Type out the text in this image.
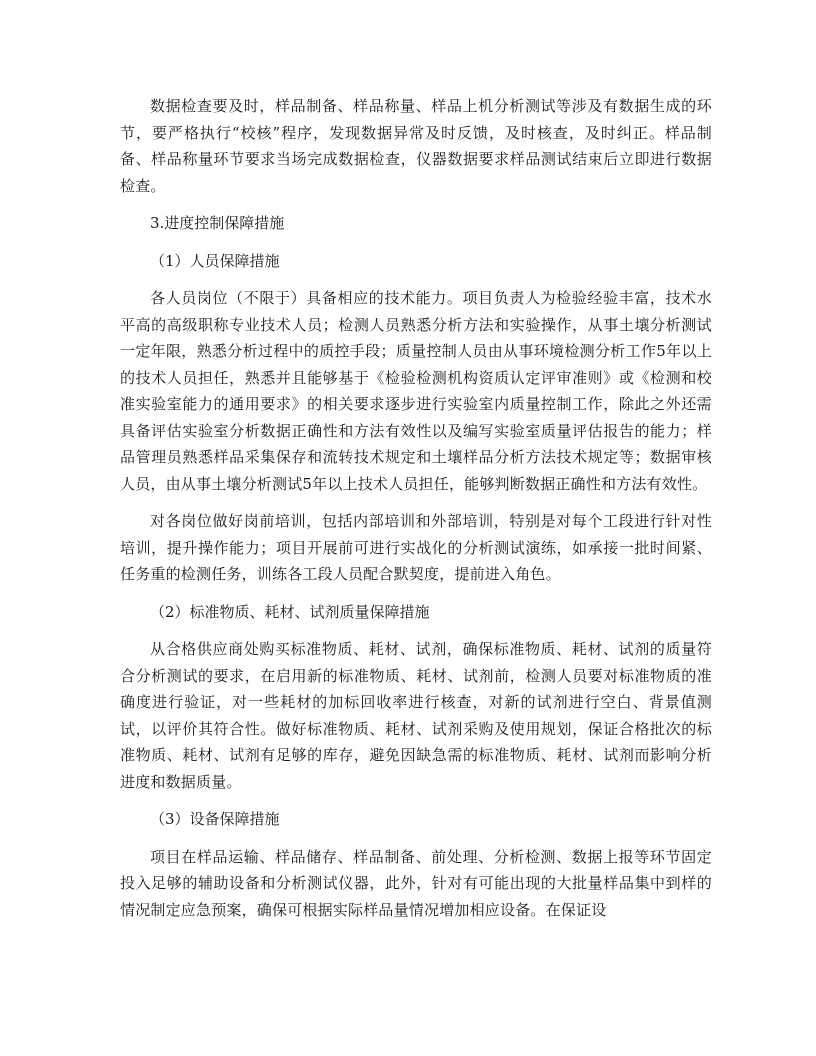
数据检查要及时，样品制备、样品称量、样品上机分析测试等涉及有数据生成的环节，要严格执行“校核”程序，发现数据异常及时反馈，及时核查，及时纠正。样品制备、样品称量环节要求当场完成数据检查，仪器数据要求样品测试结束后立即进行数据检查。

3.进度控制保障措施

（1）人员保障措施

各人员岗位（不限于）具备相应的技术能力。项目负责人为检验经验丰富，技术水平高的高级职称专业技术人员；检测人员熟悉分析方法和实验操作，从事土壤分析测试一定年限，熟悉分析过程中的质控手段；质量控制人员由从事环境检测分析工作5年以上的技术人员担任，熟悉并且能够基于《检验检测机构资质认定评审准则》或《检测和校准实验室能力的通用要求》的相关要求逐步进行实验室内质量控制工作，除此之外还需具备评估实验室分析数据正确性和方法有效性以及编写实验室质量评估报告的能力；样品管理员熟悉样品采集保存和流转技术规定和土壤样品分析方法技术规定等；数据审核人员，由从事土壤分析测试5年以上技术人员担任，能够判断数据正确性和方法有效性。

对各岗位做好岗前培训，包括内部培训和外部培训，特别是对每个工段进行针对性培训，提升操作能力；项目开展前可进行实战化的分析测试演练，如承接一批时间紧、任务重的检测任务，训练各工段人员配合默契度，提前进入角色。

（2）标准物质、耗材、试剂质量保障措施

从合格供应商处购买标准物质、耗材、试剂，确保标准物质、耗材、试剂的质量符合分析测试的要求，在启用新的标准物质、耗材、试剂前，检测人员要对标准物质的准确度进行验证，对一些耗材的加标回收率进行核查，对新的试剂进行空白、背景值测试，以评价其符合性。做好标准物质、耗材、试剂采购及使用规划，保证合格批次的标准物质、耗材、试剂有足够的库存，避免因缺急需的标准物质、耗材、试剂而影响分析进度和数据质量。

（3）设备保障措施

项目在样品运输、样品储存、样品制备、前处理、分析检测、数据上报等环节固定投入足够的辅助设备和分析测试仪器，此外，针对有可能出现的大批量样品集中到样的情况制定应急预案，确保可根据实际样品量情况增加相应设备。在保证设
